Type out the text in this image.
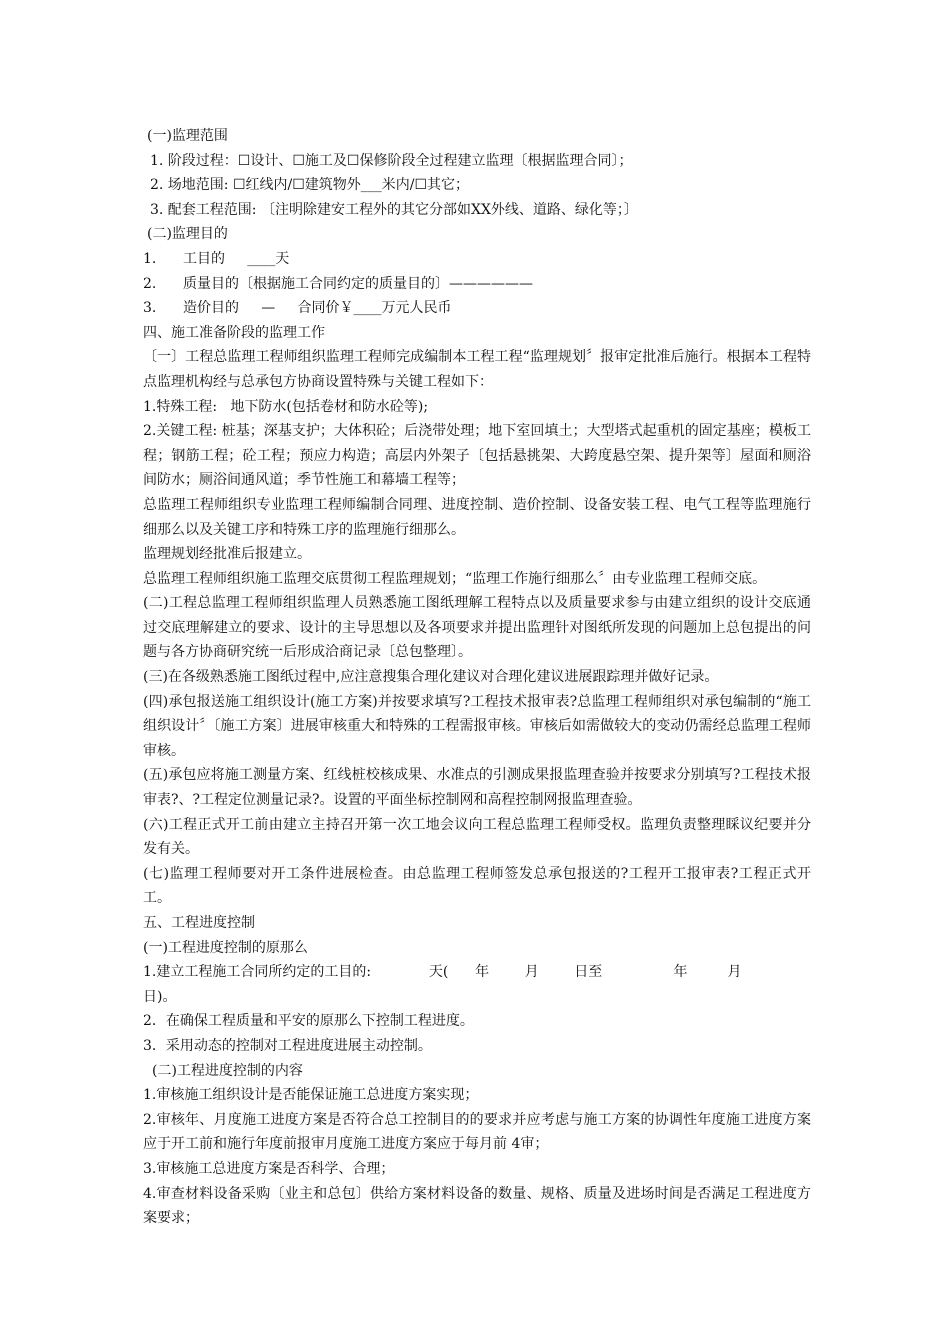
(一)监理范围

1. 阶段过程：☐设计、☐施工及☐保修阶段全过程建立监理〔根据监理合同〕；

2. 场地范围: ☐红线内/☐建筑物外___米内/☐其它；

3. 配套工程范围: 〔注明除建安工程外的其它分部如XX外线、道路、绿化等；〕

(二)监理目的

1.      工目的     ____天

2.      质量目的〔根据施工合同约定的质量目的〕——————

3.      造价目的     —     合同价￥____万元人民币

四、施工准备阶段的监理工作

〔一〕工程总监理工程师组织监理工程师完成编制本工程工程“监理规划〞报审定批准后施行。根据本工程特点监理机构经与总承包方协商设置特殊与关键工程如下：

1.特殊工程:   地下防水(包括卷材和防水砼等);

2.关键工程: 桩基；深基支护；大体积砼；后浇带处理；地下室回填土；大型塔式起重机的固定基座；模板工程；钢筋工程；砼工程；预应力构造；高层内外架子〔包括悬挑架、大跨度悬空架、提升架等〕屋面和厕浴间防水；厕浴间通风道；季节性施工和幕墙工程等；

总监理工程师组织专业监理工程师编制合同理、进度控制、造价控制、设备安装工程、电气工程等监理施行细那么以及关键工序和特殊工序的监理施行细那么。

监理规划经批准后报建立。

总监理工程师组织施工监理交底贯彻工程监理规划；“监理工作施行细那么〞由专业监理工程师交底。

(二)工程总监理工程师组织监理人员熟悉施工图纸理解工程特点以及质量要求参与由建立组织的设计交底通过交底理解建立的要求、设计的主导思想以及各项要求并提出监理针对图纸所发现的问题加上总包提出的问题与各方协商研究统一后形成洽商记录〔总包整理〕。

(三)在各级熟悉施工图纸过程中,应注意搜集合理化建议对合理化建议进展跟踪理并做好记录。

(四)承包报送施工组织设计(施工方案)并按要求填写?工程技术报审表?总监理工程师组织对承包编制的“施工组织设计〞〔施工方案〕进展审核重大和特殊的工程需报审核。审核后如需做较大的变动仍需经总监理工程师审核。

(五)承包应将施工测量方案、红线桩校核成果、水准点的引测成果报监理查验并按要求分别填写?工程技术报审表?、?工程定位测量记录?。设置的平面坐标控制网和高程控制网报监理查验。

(六)工程正式开工前由建立主持召开第一次工地会议向工程总监理工程师受权。监理负责整理睬议纪要并分发有关。

(七)监理工程师要对开工条件进展检查。由总监理工程师签发总承包报送的?工程开工报审表?工程正式开工。

五、工程进度控制

(一)工程进度控制的原那么

1.建立工程施工合同所约定的工目的:             天(      年        月        日至                年         月         日)。

2．在确保工程质量和平安的原那么下控制工程进度。

3．采用动态的控制对工程进度进展主动控制。

(二)工程进度控制的内容

1.审核施工组织设计是否能保证施工总进度方案实现；

2.审核年、月度施工进度方案是否符合总工控制目的的要求并应考虑与施工方案的协调性年度施工进度方案应于开工前和施行年度前报审月度施工进度方案应于每月前 4审；

3.审核施工总进度方案是否科学、合理；

4.审查材料设备采购〔业主和总包〕供给方案材料设备的数量、规格、质量及进场时间是否满足工程进度方案要求；
